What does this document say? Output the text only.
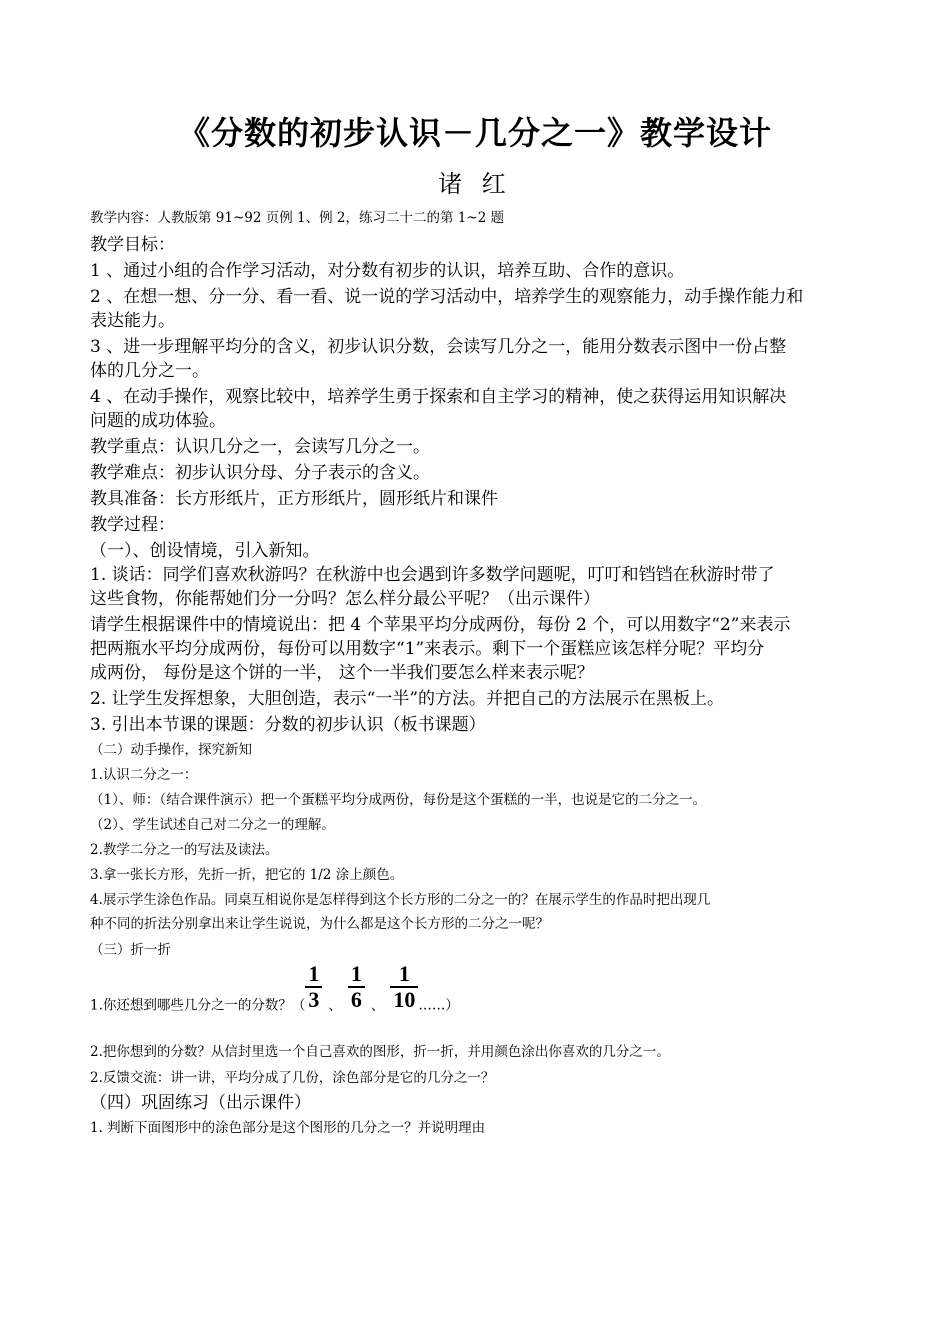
《分数的初步认识－几分之一》教学设计
诸 红
教学内容：人教版第 91~92 页例 1、例 2，练习二十二的第 1~2 题
教学目标：
1 、通过小组的合作学习活动，对分数有初步的认识，培养互助、合作的意识。
2 、在想一想、分一分、看一看、说一说的学习活动中，培养学生的观察能力，动手操作能力和
表达能力。
3 、进一步理解平均分的含义，初步认识分数，会读写几分之一，能用分数表示图中一份占整
体的几分之一。
4 、在动手操作，观察比较中，培养学生勇于探索和自主学习的精神，使之获得运用知识解决
问题的成功体验。
教学重点：认识几分之一，会读写几分之一。
教学难点：初步认识分母、分子表示的含义。
教具准备：长方形纸片，正方形纸片，圆形纸片和课件
教学过程：
（一）、创设情境，引入新知。
1. 谈话：同学们喜欢秋游吗？在秋游中也会遇到许多数学问题呢，叮叮和铛铛在秋游时带了
这些食物，你能帮她们分一分吗？怎么样分最公平呢？（出示课件）
请学生根据课件中的情境说出：把 4 个苹果平均分成两份，每份 2 个，可以用数字“2”来表示
把两瓶水平均分成两份，每份可以用数字“1”来表示。剩下一个蛋糕应该怎样分呢？平均分
成两份， 每份是这个饼的一半， 这个一半我们要怎么样来表示呢？
2. 让学生发挥想象，大胆创造，表示“一半”的方法。并把自己的方法展示在黑板上。
3. 引出本节课的课题：分数的初步认识（板书课题）
（二）动手操作，探究新知
1.认识二分之一：
（1）、师：（结合课件演示）把一个蛋糕平均分成两份，每份是这个蛋糕的一半，也说是它的二分之一。
（2）、学生试述自己对二分之一的理解。
2.教学二分之一的写法及读法。
3.拿一张长方形，先折一折，把它的 1/2 涂上颜色。
4.展示学生涂色作品。同桌互相说你是怎样得到这个长方形的二分之一的？在展示学生的作品时把出现几
种不同的折法分别拿出来让学生说说，为什么都是这个长方形的二分之一呢？
（三）折一折
1.你还想到哪些几分之一的分数？（ $\frac{1}{3}$ 、 $\frac{1}{6}$ 、 $\frac{1}{10}$ ……）
2.把你想到的分数？从信封里选一个自己喜欢的图形，折一折，并用颜色涂出你喜欢的几分之一。
2.反馈交流：讲一讲，平均分成了几份，涂色部分是它的几分之一？
（四）巩固练习（出示课件）
1. 判断下面图形中的涂色部分是这个图形的几分之一？并说明理由
